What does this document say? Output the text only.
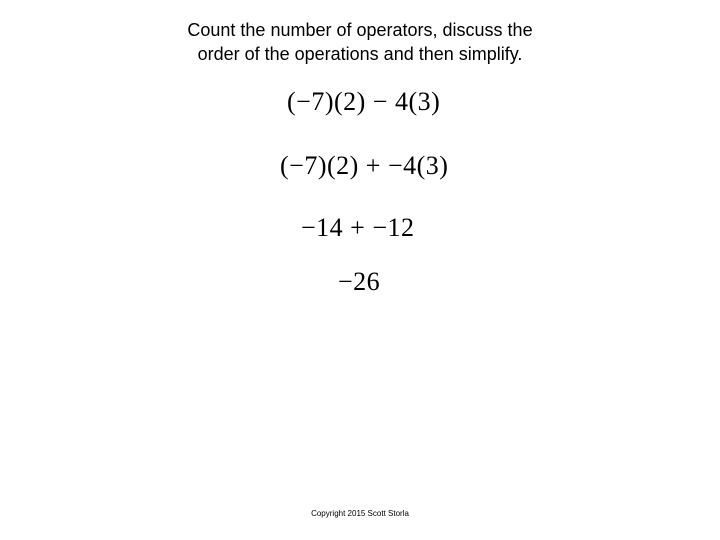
Count the number of operators, discuss the
order of the operations and then simplify.
(−7)(2) − 4(3)
(−7)(2) + −4(3)
−14 + −12
−26
Copyright 2015 Scott Storla
